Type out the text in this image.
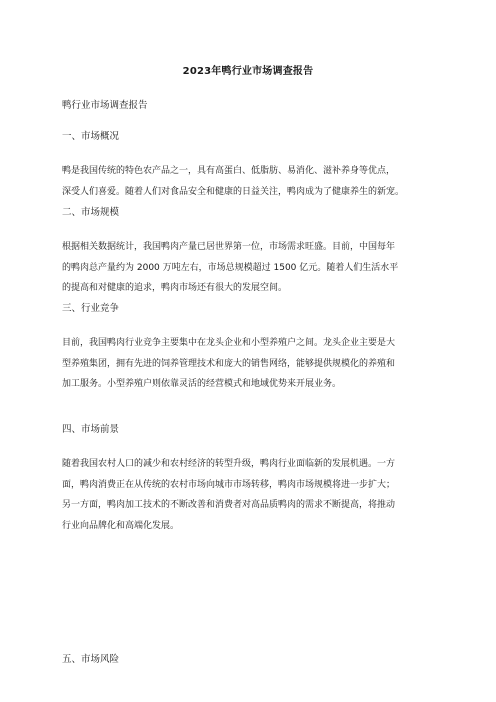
2023年鸭行业市场调查报告
鸭行业市场调查报告

一、市场概况

鸭是我国传统的特色农产品之一，具有高蛋白、低脂肪、易消化、滋补养身等优点，
深受人们喜爱。随着人们对食品安全和健康的日益关注，鸭肉成为了健康养生的新宠。

二、市场规模

根据相关数据统计，我国鸭肉产量已居世界第一位，市场需求旺盛。目前，中国每年
的鸭肉总产量约为 2000 万吨左右，市场总规模超过 1500 亿元。随着人们生活水平
的提高和对健康的追求，鸭肉市场还有很大的发展空间。

三、行业竞争

目前，我国鸭肉行业竞争主要集中在龙头企业和小型养殖户之间。龙头企业主要是大
型养殖集团，拥有先进的饲养管理技术和庞大的销售网络，能够提供规模化的养殖和
加工服务。小型养殖户则依靠灵活的经营模式和地域优势来开展业务。

四、市场前景

随着我国农村人口的减少和农村经济的转型升级，鸭肉行业面临新的发展机遇。一方
面，鸭肉消费正在从传统的农村市场向城市市场转移，鸭肉市场规模将进一步扩大；
另一方面，鸭肉加工技术的不断改善和消费者对高品质鸭肉的需求不断提高，将推动
行业向品牌化和高端化发展。

五、市场风险
